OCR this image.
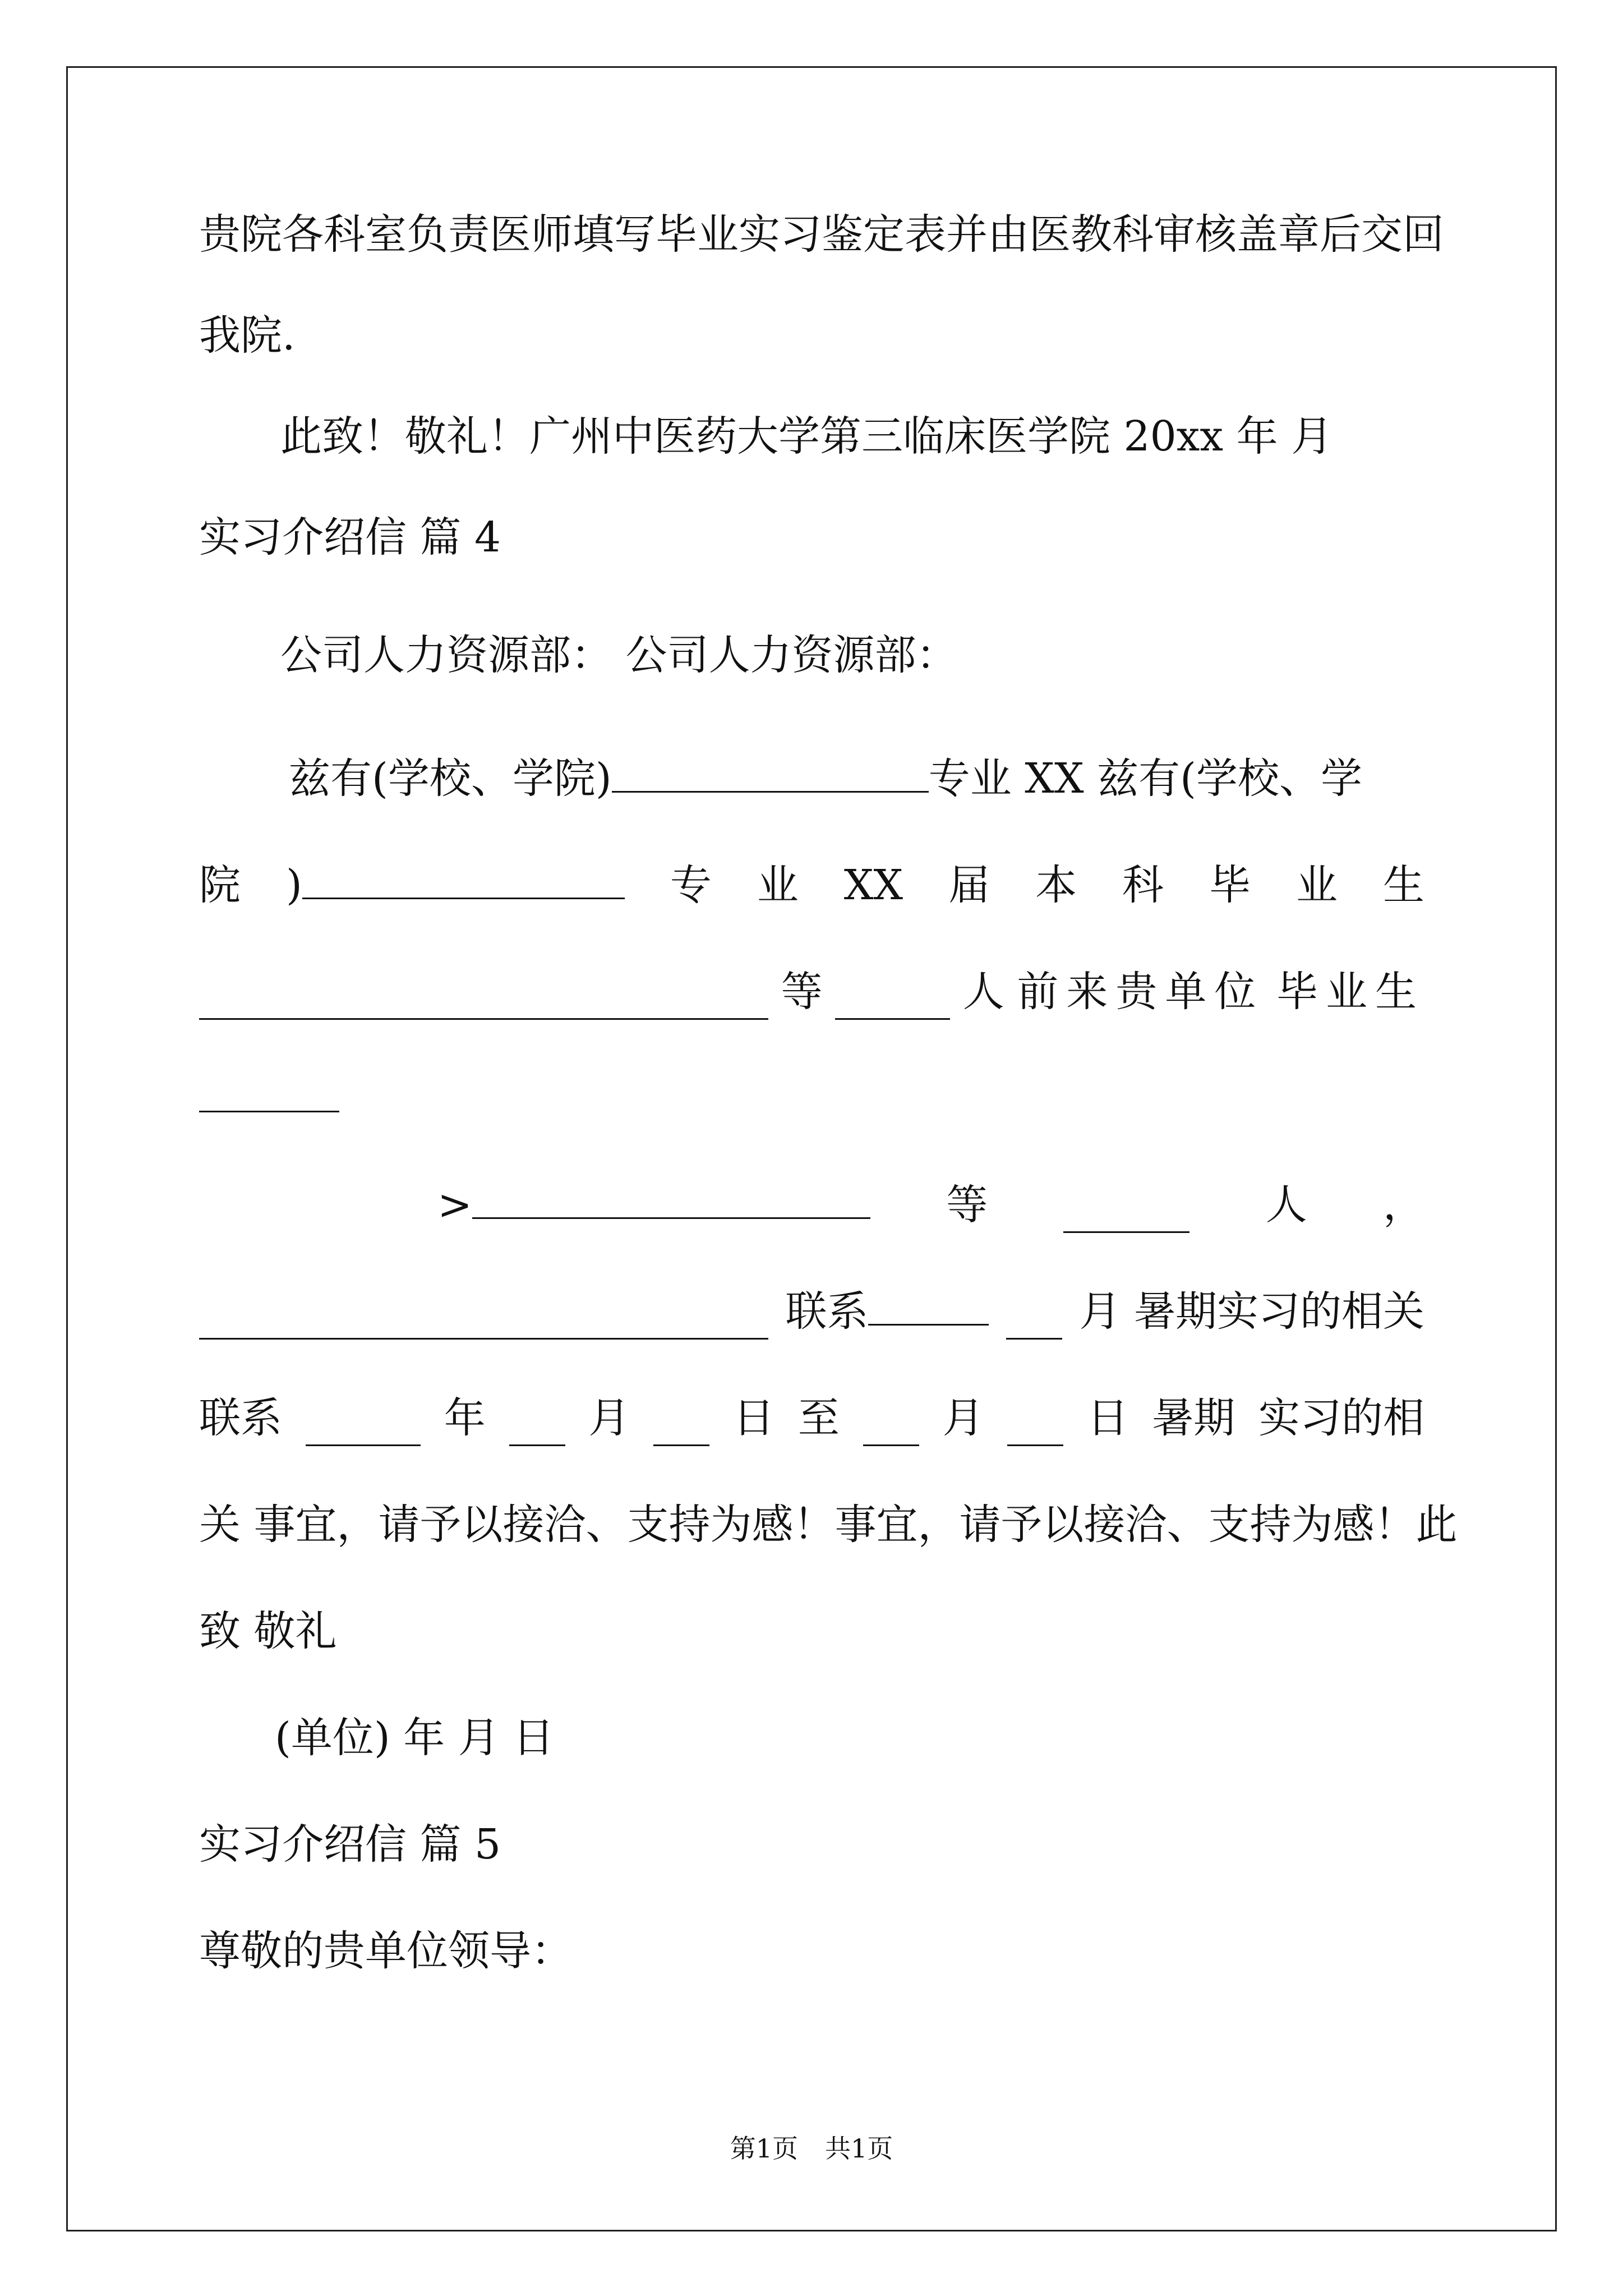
贵院各科室负责医师填写毕业实习鉴定表并由医教科审核盖章后交回
我院.
此致！敬礼！广州中医药大学第三临床医学院 20xx 年 月
实习介绍信 篇 4
公司人力资源部： 公司人力资源部：
兹有(学校、学院)	专业 XX 兹有(学校、学
院 )	专 业 XX 届 本 科 毕 业 生
等	人 前来贵单位 毕业生
>	等	人 ，
联系	月 暑期实习的相关
联系	年 月 日 至 月 日 暑期 实习的相
关 事宜，请予以接洽、支持为感！事宜，请予以接洽、支持为感！此
致 敬礼
(单位) 年 月 日
实习介绍信 篇 5
尊敬的贵单位领导：
第1页 共1页
